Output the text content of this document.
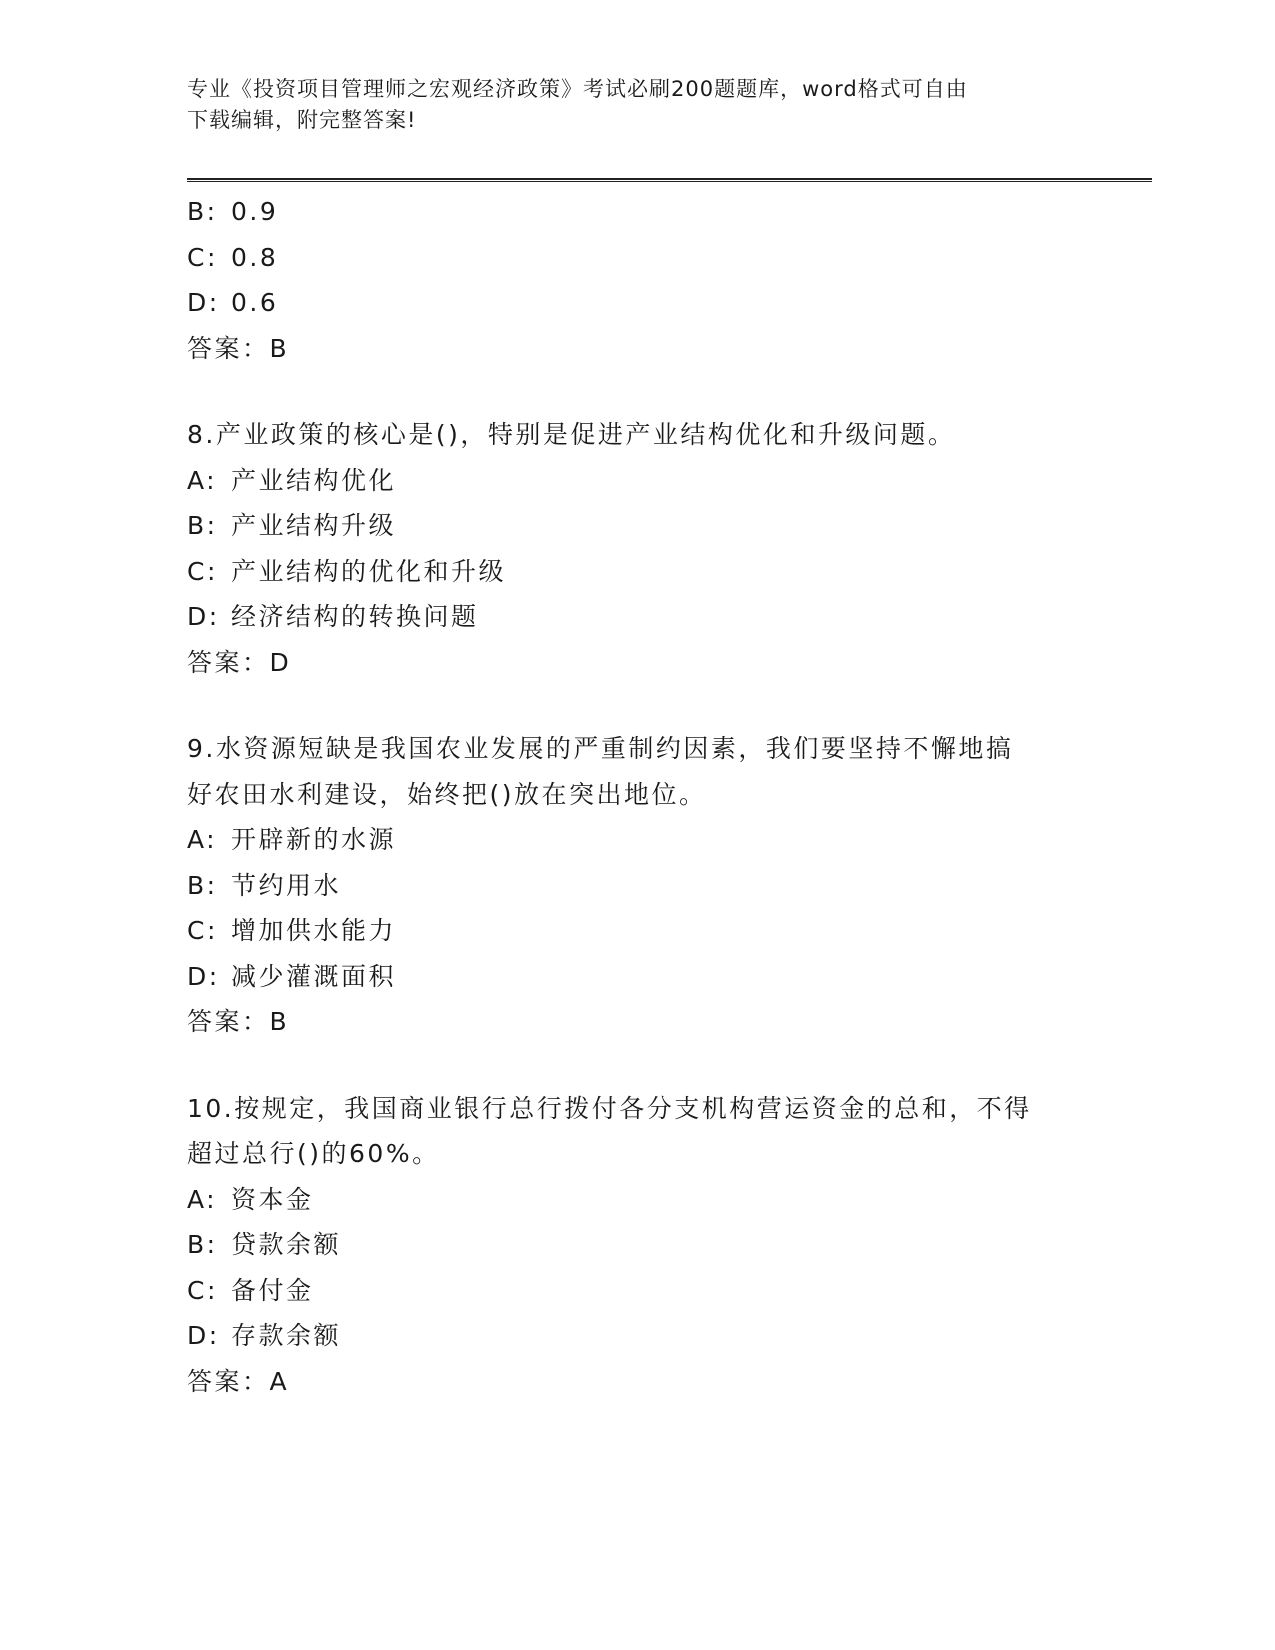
专业《投资项目管理师之宏观经济政策》考试必刷200题题库，word格式可自由
下载编辑，附完整答案!
B: 0.9
C: 0.8
D: 0.6
答案：B
8.产业政策的核心是()，特别是促进产业结构优化和升级问题。
A: 产业结构优化
B: 产业结构升级
C: 产业结构的优化和升级
D: 经济结构的转换问题
答案：D
9.水资源短缺是我国农业发展的严重制约因素，我们要坚持不懈地搞
好农田水利建设，始终把()放在突出地位。
A: 开辟新的水源
B: 节约用水
C: 增加供水能力
D: 减少灌溉面积
答案：B
10.按规定，我国商业银行总行拨付各分支机构营运资金的总和，不得
超过总行()的60%。
A: 资本金
B: 贷款余额
C: 备付金
D: 存款余额
答案：A
